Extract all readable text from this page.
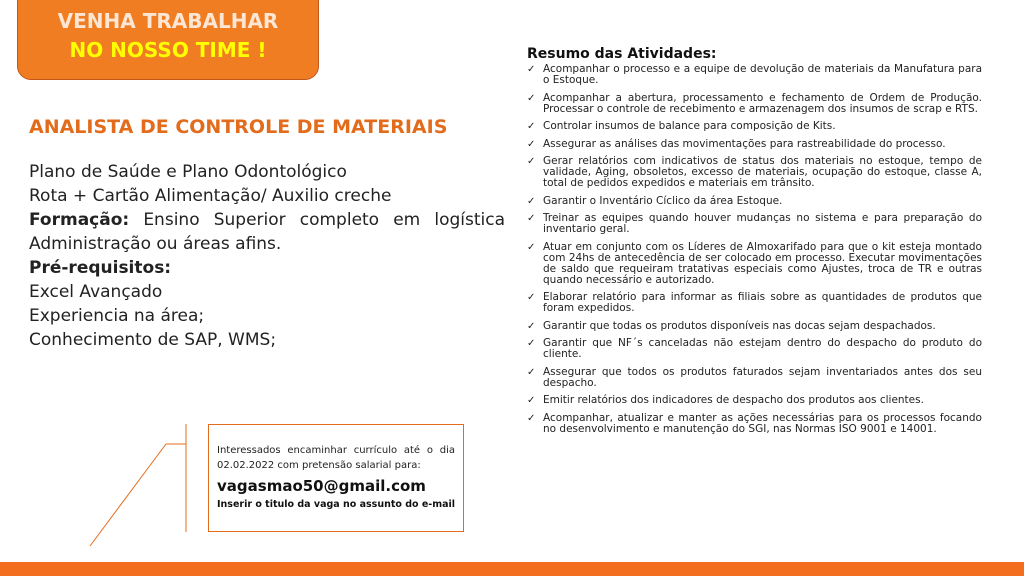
VENHA TRABALHAR
NO NOSSO TIME !
ANALISTA DE CONTROLE DE MATERIAIS
Plano de Saúde e Plano Odontológico
Rota + Cartão Alimentação/ Auxilio creche
Formação: Ensino Superior completo em logística
Administração ou áreas afins.
Pré-requisitos:
Excel Avançado
Experiencia na área;
Conhecimento de SAP, WMS;
Interessados encaminhar currículo até o dia 02.02.2022 com pretensão salarial para:
vagasmao50@gmail.com
Inserir o titulo da vaga no assunto do e-mail
Resumo das Atividades:
✓ Acompanhar o processo e a equipe de devolução de materiais da Manufatura para o Estoque.
✓ Acompanhar a abertura, processamento e fechamento de Ordem de Produção. Processar o controle de recebimento e armazenagem dos insumos de scrap e RTS.
✓ Controlar insumos de balance para composição de Kits.
✓ Assegurar as análises das movimentações para rastreabilidade do processo.
✓ Gerar relatórios com indicativos de status dos materiais no estoque, tempo de validade, Aging, obsoletos, excesso de materiais, ocupação do estoque, classe A, total de pedidos expedidos e materiais em trânsito.
✓ Garantir o Inventário Cíclico da área Estoque.
✓ Treinar as equipes quando houver mudanças no sistema e para preparação do inventario geral.
✓ Atuar em conjunto com os Líderes de Almoxarifado para que o kit esteja montado com 24hs de antecedência de ser colocado em processo. Executar movimentações de saldo que requeiram tratativas especiais como Ajustes, troca de TR e outras quando necessário e autorizado.
✓ Elaborar relatório para informar as filiais sobre as quantidades de produtos que foram expedidos.
✓ Garantir que todas os produtos disponíveis nas docas sejam despachados.
✓ Garantir que NF´s canceladas não estejam dentro do despacho do produto do cliente.
✓ Assegurar que todos os produtos faturados sejam inventariados antes dos seu despacho.
✓ Emitir relatórios dos indicadores de despacho dos produtos aos clientes.
✓ Acompanhar, atualizar e manter as ações necessárias para os processos focando no desenvolvimento e manutenção do SGI, nas Normas ISO 9001 e 14001.
